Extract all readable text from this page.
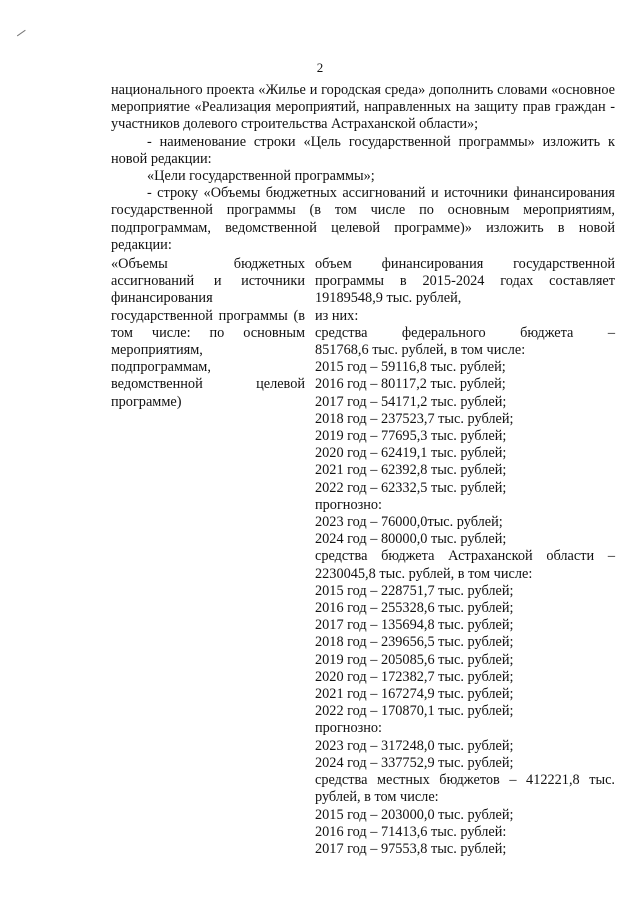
2

национального проекта «Жилье и городская среда» дополнить словами «основное мероприятие «Реализация мероприятий, направленных на защиту прав граждан - участников долевого строительства Астраханской области»;

- наименование строки «Цель государственной программы» изложить к новой редакции:

«Цели государственной программы»;

- строку «Объемы бюджетных ассигнований и источники финансирования государственной программы (в том числе по основным мероприятиям, подпрограммам, ведомственной целевой программе)» изложить в новой редакции:

«Объемы бюджетных ассигнований и источники финансирования государственной программы (в том числе: по основным мероприятиям, подпрограммам, ведомственной целевой программе)
объем финансирования государственной программы в 2015-2024 годах составляет
19189548,9 тыс. рублей,
из них:
средства федерального бюджета –
851768,6 тыс. рублей, в том числе:
2015 год – 59116,8 тыс. рублей;
2016 год – 80117,2 тыс. рублей;
2017 год – 54171,2 тыс. рублей;
2018 год – 237523,7 тыс. рублей;
2019 год – 77695,3 тыс. рублей;
2020 год – 62419,1 тыс. рублей;
2021 год – 62392,8 тыс. рублей;
2022 год – 62332,5 тыс. рублей;
прогнозно:
2023 год – 76000,0тыс. рублей;
2024 год – 80000,0 тыс. рублей;
средства бюджета Астраханской области –
2230045,8 тыс. рублей, в том числе:
2015 год – 228751,7 тыс. рублей;
2016 год – 255328,6 тыс. рублей;
2017 год – 135694,8 тыс. рублей;
2018 год – 239656,5 тыс. рублей;
2019 год – 205085,6 тыс. рублей;
2020 год – 172382,7 тыс. рублей;
2021 год – 167274,9 тыс. рублей;
2022 год – 170870,1 тыс. рублей;
прогнозно:
2023 год – 317248,0 тыс. рублей;
2024 год – 337752,9 тыс. рублей;
средства местных бюджетов – 412221,8 тыс.
рублей, в том числе:
2015 год – 203000,0 тыс. рублей;
2016 год – 71413,6 тыс. рублей:
2017 год – 97553,8 тыс. рублей;
